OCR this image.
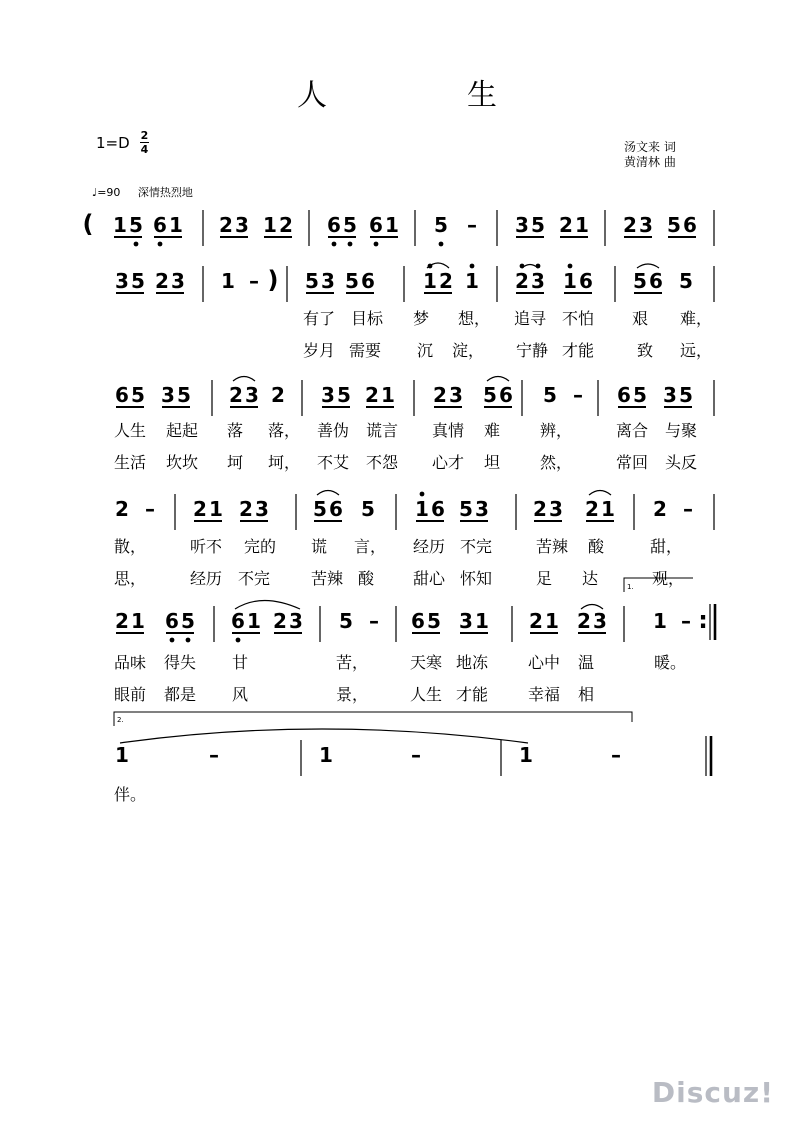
人	生
1=D 2
4	汤文来 词
黄清林 曲
♩=90 深情热烈地
( 1 5 6 1 2 3 1 2 6 5 6 1 5 – 3 5 2 1 2 3 5 6
3 5 2 3 1 – ) 5 3 5 6 1 2 1 2 3 1 6 5 6 5
6 5 3 5 2 3 2 3 5 2 1 2 3 5 6 5 – 6 5 3 5
2 – 2 1 2 3 5 6 5 1 6 5 3 2 3 2 1 2 –
2 1 6 5 6 1 2 3 5 – 6 5 3 1 2 1 2 3 1 – :
1	–	1	–	1	–
有了 目标 梦 想， 追寻 不怕 艰 难，
岁月 需要 沉 淀， 宁静 才能	致 远，
人生 起起 落 落， 善伪 谎言 真情 难 辨，	离合 与聚
生活 坎坎 坷 坷， 不艾 不怨 心才 坦 然，	常回 头反
散，	听不 完的 谎 言， 经历 不完	苦辣 酸	甜，
思，	经历 不完	苦辣 酸 甜心 怀知	足 达	观，
品味 得失 甘	苦，	天寒 地冻 心中 温	暖。
眼前 都是 风	景，	人生 才能 幸福 相
伴。
1.
2.
Discuz!
